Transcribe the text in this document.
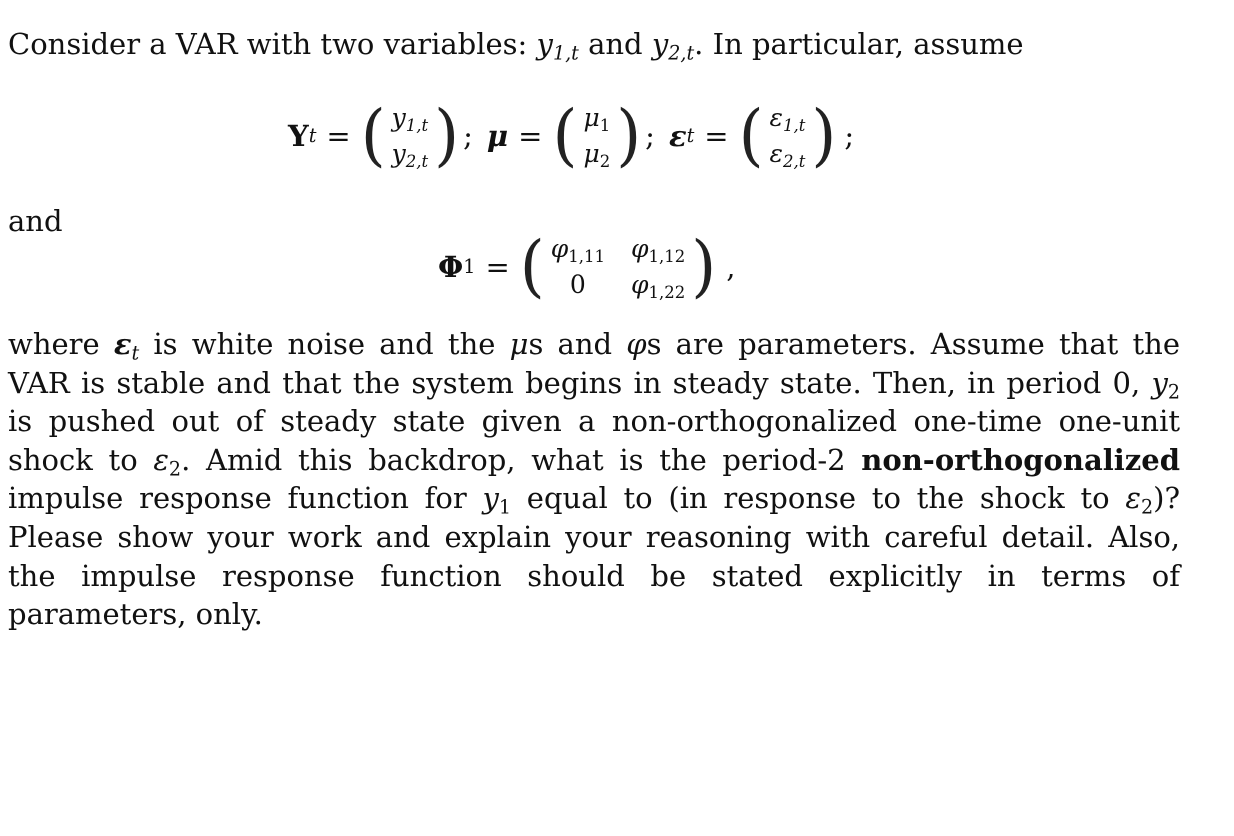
Consider a VAR with two variables: $y_{1,t}$ and $y_{2,t}$. In particular, assume
Y t = ( $y_{1,t}$
$y_{2,t}$ ) ; μ = ( $\mu_1$
$\mu_2$ ) ; ε t = ( $\varepsilon_{1,t}$
$\varepsilon_{2,t}$ ) ;
and
Φ 1 = ( $\varphi_{1,11}$ $\varphi_{1,12}$
0 $\varphi_{1,22}$ ) ,
where $\varepsilon_t$ is white noise and the μs and φs are parameters. Assume that the VAR is stable and that the system begins in steady state. Then, in period 0, $y_2$ is pushed out of steady state given a non-orthogonalized one-time one-unit shock to $\varepsilon_2$. Amid this backdrop, what is the period-2 non-orthogonalized impulse response function for $y_1$ equal to (in response to the shock to $\varepsilon_2$)? Please show your work and explain your reasoning with careful detail. Also, the impulse response function should be stated explicitly in terms of parameters, only.
